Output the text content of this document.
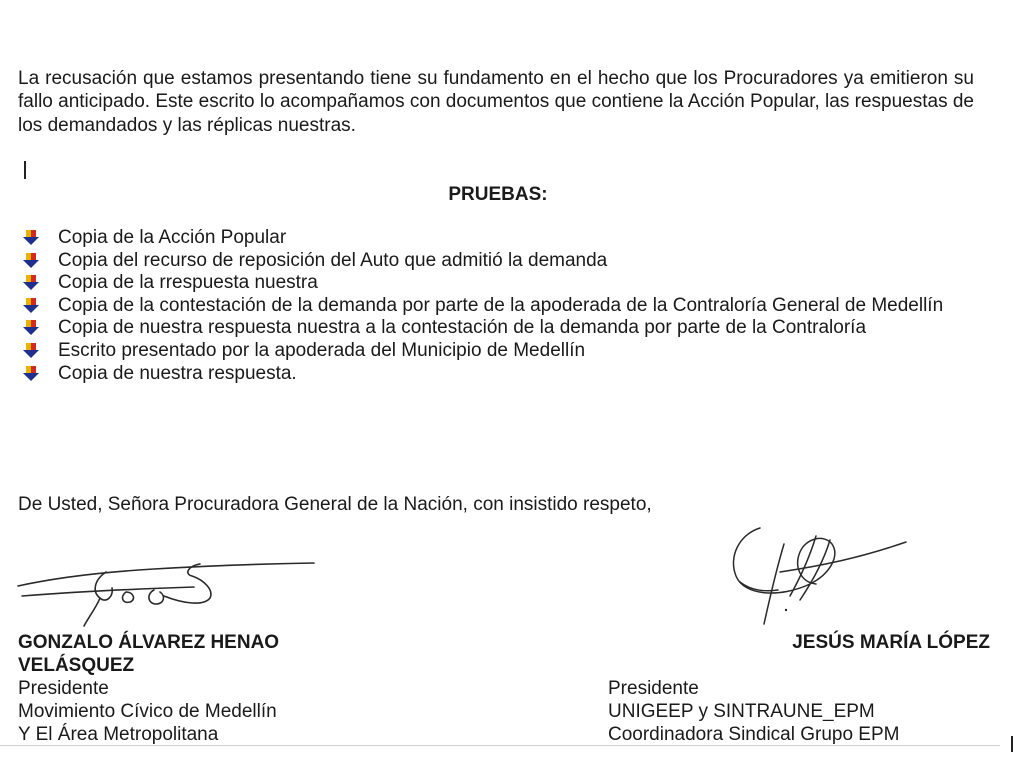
La recusación que estamos presentando tiene su fundamento en el hecho que los Procuradores ya emitieron su fallo anticipado. Este escrito lo acompañamos con documentos que contiene la Acción Popular, las respuestas de los demandados y las réplicas nuestras.

PRUEBAS:

Copia de la Acción Popular
Copia del recurso de reposición del Auto que admitió la demanda
Copia de la rrespuesta nuestra
Copia de la contestación de la demanda por parte de la apoderada de la Contraloría General de Medellín
Copia de nuestra respuesta nuestra a la contestación de la demanda por parte de la Contraloría
Escrito presentado por la apoderada del Municipio de Medellín
Copia de nuestra respuesta.

De Usted, Señora Procuradora General de la Nación, con insistido respeto,

GONZALO ÁLVAREZ HENAO
VELÁSQUEZ
Presidente
Movimiento Cívico de Medellín
Y El Área Metropolitana
JESÚS MARÍA LÓPEZ
Presidente
UNIGEEP y SINTRAUNE_EPM
Coordinadora Sindical Grupo EPM
